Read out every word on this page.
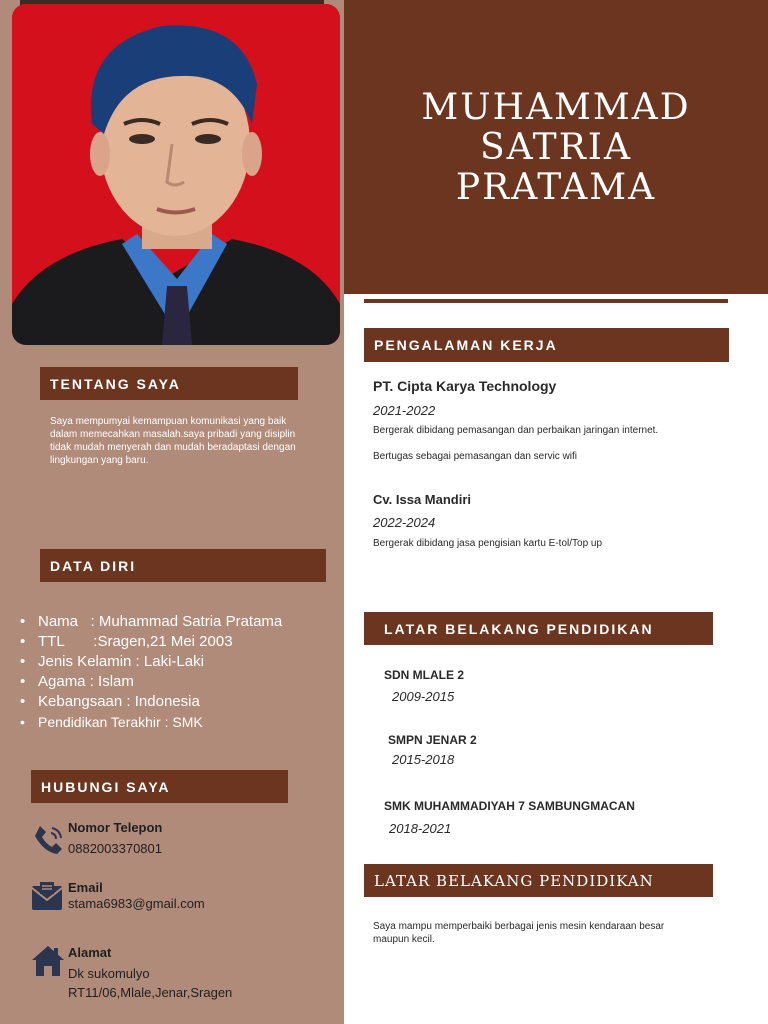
MUHAMMAD SATRIA
PRATAMA
TENTANG SAYA
Saya mempumyai kemampuan komunikasi yang baik dalam memecahkan masalah.saya pribadi yang disiplin tidak mudah menyerah dan mudah beradaptasi dengan lingkungan yang baru.
DATA DIRI
• Nama   : Muhammad Satria Pratama
• TTL       :Sragen,21 Mei 2003
• Jenis Kelamin : Laki-Laki
• Agama : Islam
• Kebangsaan : Indonesia
• Pendidikan Terakhir : SMK
HUBUNGI SAYA
Nomor Telepon
0882003370801
Email
stama6983@gmail.com
Alamat
Dk sukomulyo
RT11/06,Mlale,Jenar,Sragen
PENGALAMAN KERJA
PT. Cipta Karya Technology
2021-2022
Bergerak dibidang pemasangan dan perbaikan jaringan internet.
Bertugas sebagai pemasangan dan servic wifi
Cv. Issa Mandiri
2022-2024
Bergerak dibidang jasa pengisian kartu E-tol/Top up
LATAR BELAKANG PENDIDIKAN
SDN MLALE 2
2009-2015
SMPN JENAR 2
2015-2018
SMK MUHAMMADIYAH 7 SAMBUNGMACAN
2018-2021
LATAR BELAKANG PENDIDIKAN
Saya mampu memperbaiki berbagai jenis mesin kendaraan besar maupun kecil.
